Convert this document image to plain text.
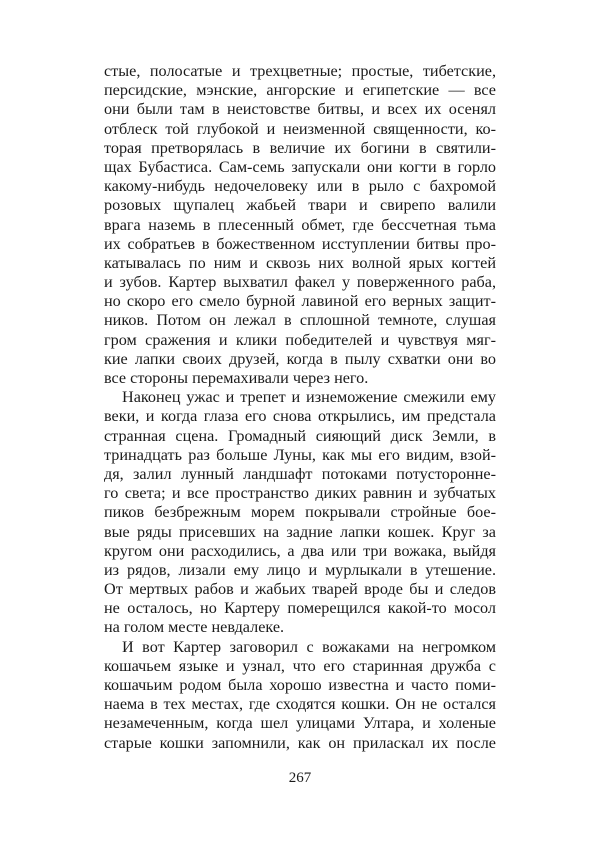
стые, полосатые и трехцветные; простые, тибетские,
персидские, мэнские, ангорские и египетские — все
они были там в неистовстве битвы, и всех их осенял
отблеск той глубокой и неизменной священности, ко-
торая претворялась в величие их богини в святили-
щах Бубастиса. Сам-семь запускали они когти в горло
какому-нибудь недочеловеку или в рыло с бахромой
розовых щупалец жабьей твари и свирепо валили
врага наземь в плесенный обмет, где бессчетная тьма
их собратьев в божественном исступлении битвы про-
катывалась по ним и сквозь них волной ярых когтей
и зубов. Картер выхватил факел у поверженного раба,
но скоро его смело бурной лавиной его верных защит-
ников. Потом он лежал в сплошной темноте, слушая
гром сражения и клики победителей и чувствуя мяг-
кие лапки своих друзей, когда в пылу схватки они во
все стороны перемахивали через него.
Наконец ужас и трепет и изнеможение смежили ему
веки, и когда глаза его снова открылись, им предстала
странная сцена. Громадный сияющий диск Земли, в
тринадцать раз больше Луны, как мы его видим, взой-
дя, залил лунный ландшафт потоками потусторонне-
го света; и все пространство диких равнин и зубчатых
пиков безбрежным морем покрывали стройные бое-
вые ряды присевших на задние лапки кошек. Круг за
кругом они расходились, а два или три вожака, выйдя
из рядов, лизали ему лицо и мурлыкали в утешение.
От мертвых рабов и жабьих тварей вроде бы и следов
не осталось, но Картеру померещился какой-то мосол
на голом месте невдалеке.
И вот Картер заговорил с вожаками на негромком
кошачьем языке и узнал, что его старинная дружба с
кошачьим родом была хорошо известна и часто поми-
наема в тех местах, где сходятся кошки. Он не остался
незамеченным, когда шел улицами Ултара, и холеные
старые кошки запомнили, как он приласкал их после
267
